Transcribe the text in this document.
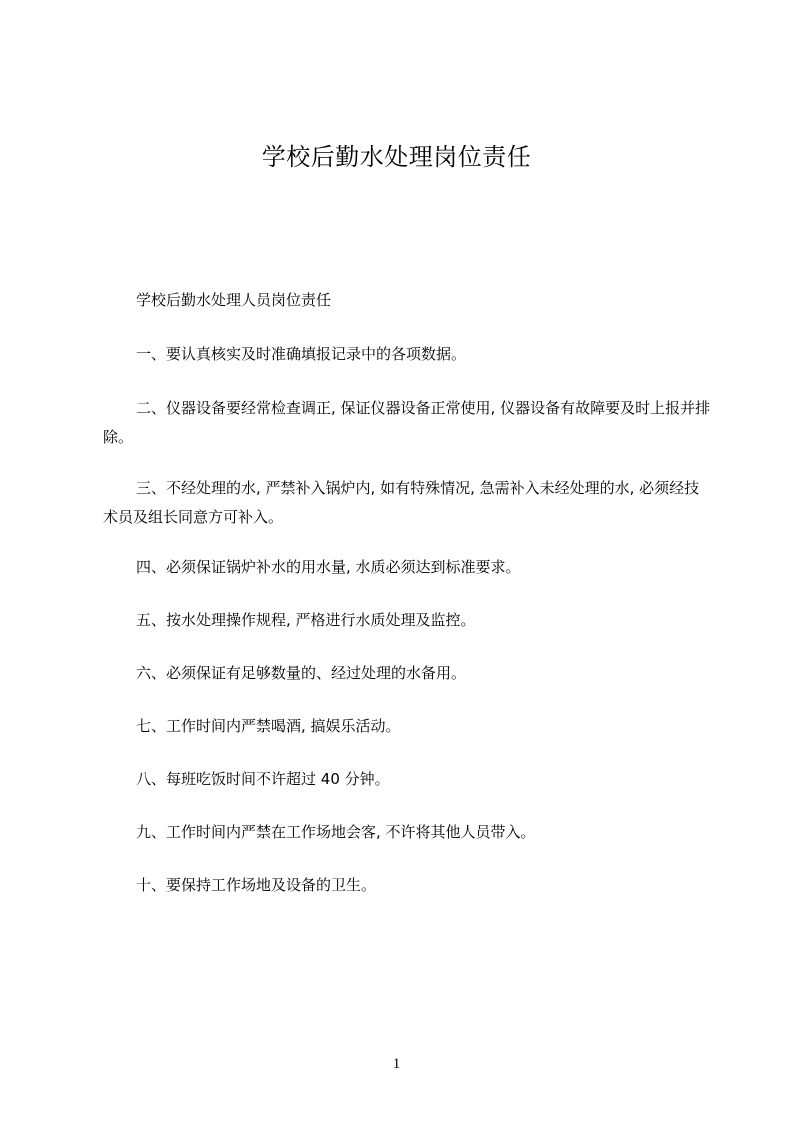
学校后勤水处理岗位责任
学校后勤水处理人员岗位责任
一、要认真核实及时准确填报记录中的各项数据。
二、仪器设备要经常检查调正, 保证仪器设备正常使用, 仪器设备有故障要及时上报并排除。
三、不经处理的水, 严禁补入锅炉内, 如有特殊情况, 急需补入未经处理的水, 必须经技术员及组长同意方可补入。
四、必须保证锅炉补水的用水量, 水质必须达到标准要求。
五、按水处理操作规程, 严格进行水质处理及监控。
六、必须保证有足够数量的、经过处理的水备用。
七、工作时间内严禁喝酒, 搞娱乐活动。
八、每班吃饭时间不许超过 40 分钟。
九、工作时间内严禁在工作场地会客, 不许将其他人员带入。
十、要保持工作场地及设备的卫生。
1
